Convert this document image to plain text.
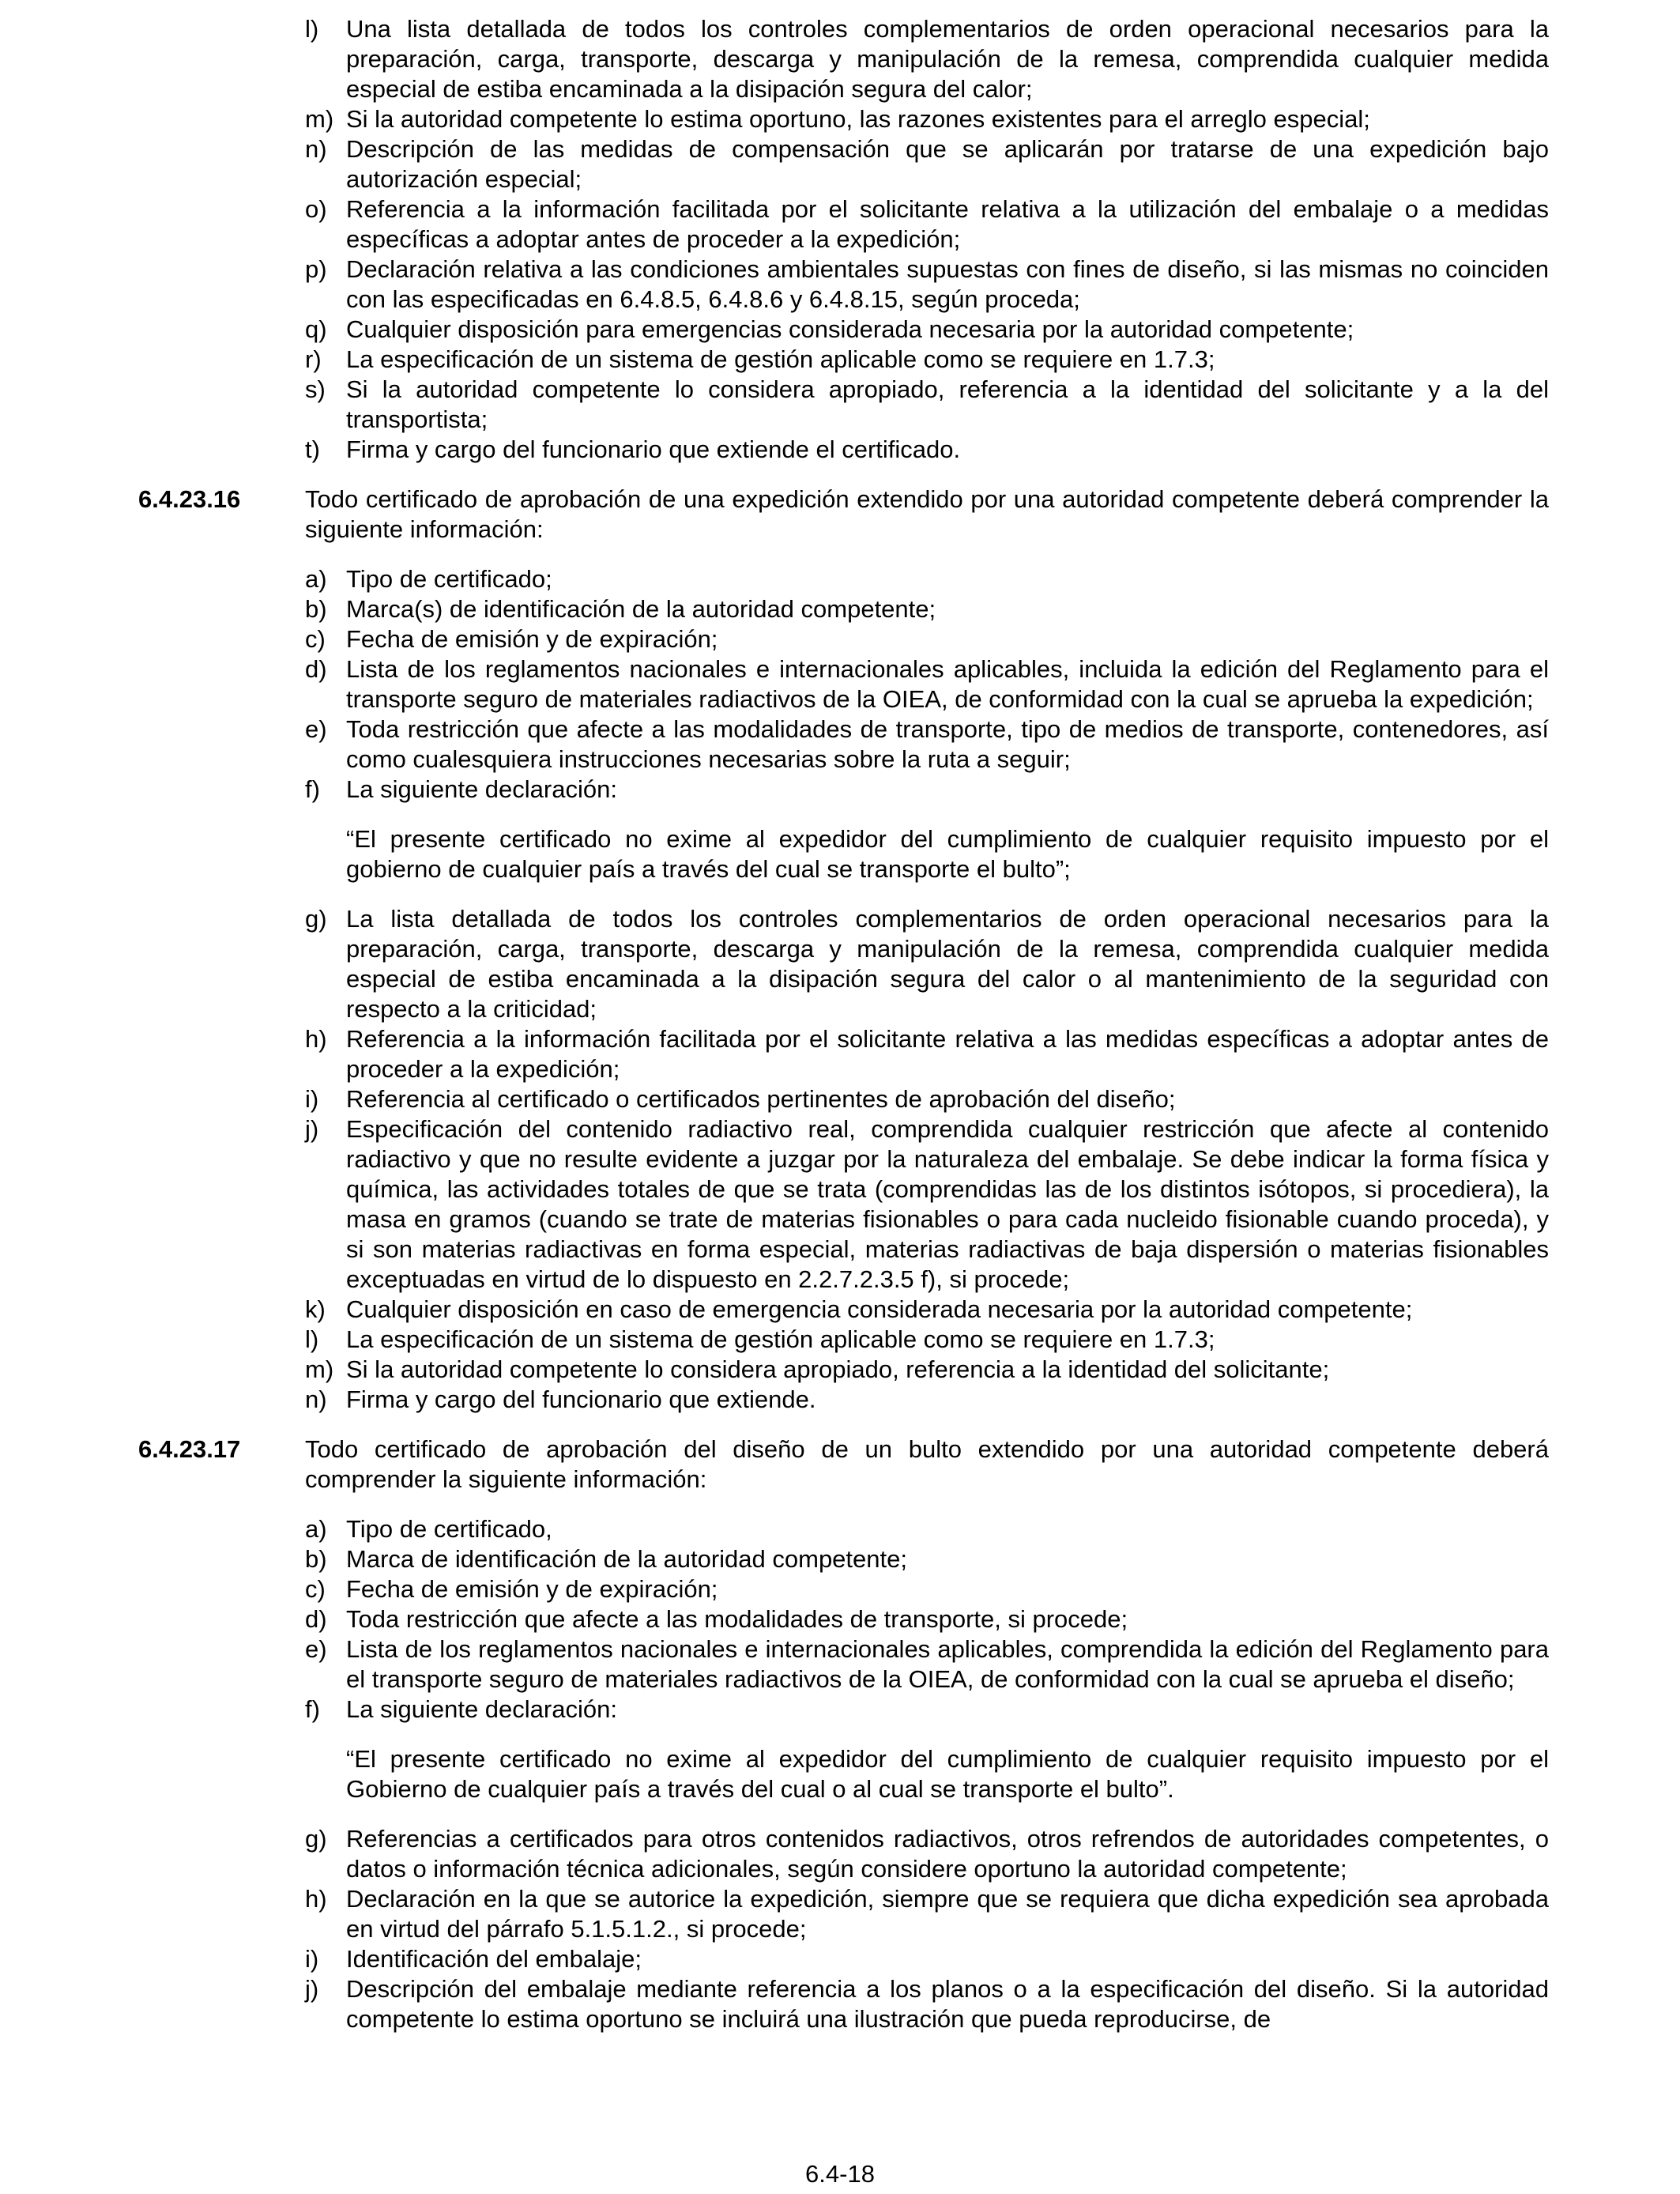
l) Una lista detallada de todos los controles complementarios de orden operacional necesarios para la preparación, carga, transporte, descarga y manipulación de la remesa, comprendida cualquier medida especial de estiba encaminada a la disipación segura del calor;
m) Si la autoridad competente lo estima oportuno, las razones existentes para el arreglo especial;
n) Descripción de las medidas de compensación que se aplicarán por tratarse de una expedición bajo autorización especial;
o) Referencia a la información facilitada por el solicitante relativa a la utilización del embalaje o a medidas específicas a adoptar antes de proceder a la expedición;
p) Declaración relativa a las condiciones ambientales supuestas con fines de diseño, si las mismas no coinciden con las especificadas en 6.4.8.5, 6.4.8.6 y 6.4.8.15, según proceda;
q) Cualquier disposición para emergencias considerada necesaria por la autoridad competente;
r) La especificación de un sistema de gestión aplicable como se requiere en 1.7.3;
s) Si la autoridad competente lo considera apropiado, referencia a la identidad del solicitante y a la del transportista;
t) Firma y cargo del funcionario que extiende el certificado.
6.4.23.16	Todo certificado de aprobación de una expedición extendido por una autoridad competente deberá comprender la siguiente información:
a) Tipo de certificado;
b) Marca(s) de identificación de la autoridad competente;
c) Fecha de emisión y de expiración;
d) Lista de los reglamentos nacionales e internacionales aplicables, incluida la edición del Reglamento para el transporte seguro de materiales radiactivos de la OIEA, de conformidad con la cual se aprueba la expedición;
e) Toda restricción que afecte a las modalidades de transporte, tipo de medios de transporte, contenedores, así como cualesquiera instrucciones necesarias sobre la ruta a seguir;
f) La siguiente declaración:
“El presente certificado no exime al expedidor del cumplimiento de cualquier requisito impuesto por el gobierno de cualquier país a través del cual se transporte el bulto”;
g) La lista detallada de todos los controles complementarios de orden operacional necesarios para la preparación, carga, transporte, descarga y manipulación de la remesa, comprendida cualquier medida especial de estiba encaminada a la disipación segura del calor o al mantenimiento de la seguridad con respecto a la criticidad;
h) Referencia a la información facilitada por el solicitante relativa a las medidas específicas a adoptar antes de proceder a la expedición;
i) Referencia al certificado o certificados pertinentes de aprobación del diseño;
j) Especificación del contenido radiactivo real, comprendida cualquier restricción que afecte al contenido radiactivo y que no resulte evidente a juzgar por la naturaleza del embalaje. Se debe indicar la forma física y química, las actividades totales de que se trata (comprendidas las de los distintos isótopos, si procediera), la masa en gramos (cuando se trate de materias fisionables o para cada nucleido fisionable cuando proceda), y si son materias radiactivas en forma especial, materias radiactivas de baja dispersión o materias fisionables exceptuadas en virtud de lo dispuesto en 2.2.7.2.3.5 f), si procede;
k) Cualquier disposición en caso de emergencia considerada necesaria por la autoridad competente;
l) La especificación de un sistema de gestión aplicable como se requiere en 1.7.3;
m) Si la autoridad competente lo considera apropiado, referencia a la identidad del solicitante;
n) Firma y cargo del funcionario que extiende.
6.4.23.17	Todo certificado de aprobación del diseño de un bulto extendido por una autoridad competente deberá comprender la siguiente información:
a) Tipo de certificado,
b) Marca de identificación de la autoridad competente;
c) Fecha de emisión y de expiración;
d) Toda restricción que afecte a las modalidades de transporte, si procede;
e) Lista de los reglamentos nacionales e internacionales aplicables, comprendida la edición del Reglamento para el transporte seguro de materiales radiactivos de la OIEA, de conformidad con la cual se aprueba el diseño;
f) La siguiente declaración:
“El presente certificado no exime al expedidor del cumplimiento de cualquier requisito impuesto por el Gobierno de cualquier país a través del cual o al cual se transporte el bulto”.
g) Referencias a certificados para otros contenidos radiactivos, otros refrendos de autoridades competentes, o datos o información técnica adicionales, según considere oportuno la autoridad competente;
h) Declaración en la que se autorice la expedición, siempre que se requiera que dicha expedición sea aprobada en virtud del párrafo 5.1.5.1.2., si procede;
i) Identificación del embalaje;
j) Descripción del embalaje mediante referencia a los planos o a la especificación del diseño. Si la autoridad competente lo estima oportuno se incluirá una ilustración que pueda reproducirse, de
6.4-18
